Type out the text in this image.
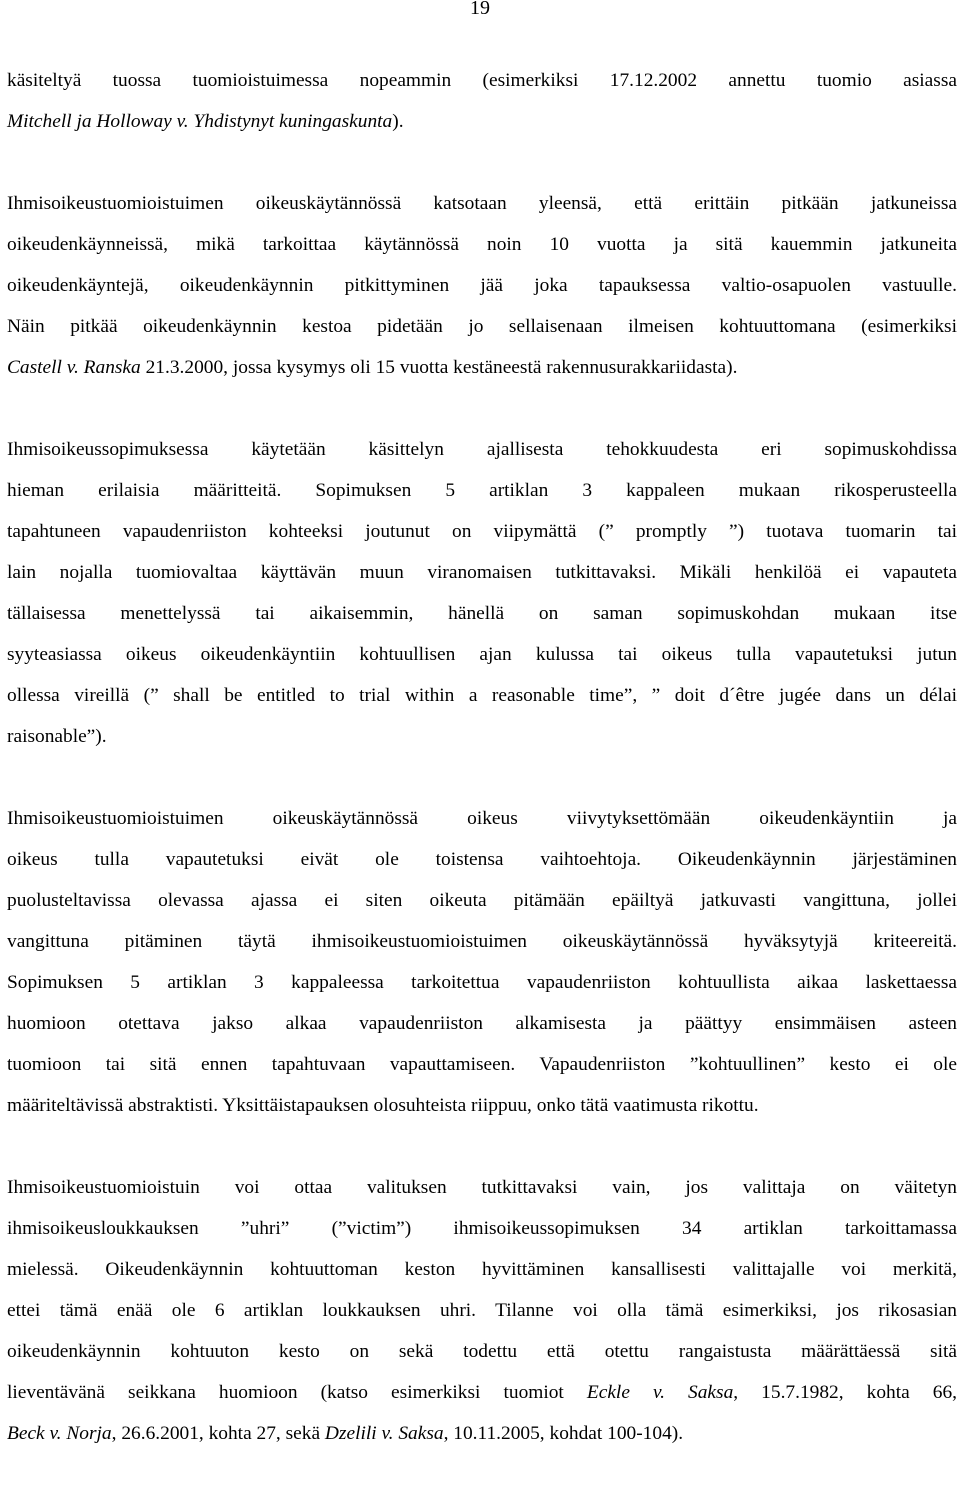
19
käsiteltyä tuossa tuomioistuimessa nopeammin (esimerkiksi 17.12.2002 annettu tuomio asiassa
Mitchell ja Holloway v. Yhdistynyt kuningaskunta).
Ihmisoikeustuomioistuimen oikeuskäytännössä katsotaan yleensä, että erittäin pitkään jatkuneissa
oikeudenkäynneissä, mikä tarkoittaa käytännössä noin 10 vuotta ja sitä kauemmin jatkuneita
oikeudenkäyntejä, oikeudenkäynnin pitkittyminen jää joka tapauksessa valtio-osapuolen vastuulle.
Näin pitkää oikeudenkäynnin kestoa pidetään jo sellaisenaan ilmeisen kohtuuttomana (esimerkiksi
Castell v. Ranska 21.3.2000, jossa kysymys oli 15 vuotta kestäneestä rakennusurakkariidasta).
Ihmisoikeussopimuksessa käytetään käsittelyn ajallisesta tehokkuudesta eri sopimuskohdissa
hieman erilaisia määritteitä. Sopimuksen 5 artiklan 3 kappaleen mukaan rikosperusteella
tapahtuneen vapaudenriiston kohteeksi joutunut on viipymättä (” promptly ”) tuotava tuomarin tai
lain nojalla tuomiovaltaa käyttävän muun viranomaisen tutkittavaksi. Mikäli henkilöä ei vapauteta
tällaisessa menettelyssä tai aikaisemmin, hänellä on saman sopimuskohdan mukaan itse
syyteasiassa oikeus oikeudenkäyntiin kohtuullisen ajan kulussa tai oikeus tulla vapautetuksi jutun
ollessa vireillä (” shall be entitled to trial within a reasonable time”, ” doit d´être jugée dans un délai
raisonable”).
Ihmisoikeustuomioistuimen oikeuskäytännössä oikeus viivytyksettömään oikeudenkäyntiin ja
oikeus tulla vapautetuksi eivät ole toistensa vaihtoehtoja. Oikeudenkäynnin järjestäminen
puolusteltavissa olevassa ajassa ei siten oikeuta pitämään epäiltyä jatkuvasti vangittuna, jollei
vangittuna pitäminen täytä ihmisoikeustuomioistuimen oikeuskäytännössä hyväksytyjä kriteereitä.
Sopimuksen 5 artiklan 3 kappaleessa tarkoitettua vapaudenriiston kohtuullista aikaa laskettaessa
huomioon otettava jakso alkaa vapaudenriiston alkamisesta ja päättyy ensimmäisen asteen
tuomioon tai sitä ennen tapahtuvaan vapauttamiseen. Vapaudenriiston ”kohtuullinen” kesto ei ole
määriteltävissä abstraktisti. Yksittäistapauksen olosuhteista riippuu, onko tätä vaatimusta rikottu.
Ihmisoikeustuomioistuin voi ottaa valituksen tutkittavaksi vain, jos valittaja on väitetyn
ihmisoikeusloukkauksen ”uhri” (”victim”) ihmisoikeussopimuksen 34 artiklan tarkoittamassa
mielessä. Oikeudenkäynnin kohtuuttoman keston hyvittäminen kansallisesti valittajalle voi merkitä,
ettei tämä enää ole 6 artiklan loukkauksen uhri. Tilanne voi olla tämä esimerkiksi, jos rikosasian
oikeudenkäynnin kohtuuton kesto on sekä todettu että otettu rangaistusta määrättäessä sitä
lieventävänä seikkana huomioon (katso esimerkiksi tuomiot Eckle v. Saksa, 15.7.1982, kohta 66,
Beck v. Norja, 26.6.2001, kohta 27, sekä Dzelili v. Saksa, 10.11.2005, kohdat 100-104).
